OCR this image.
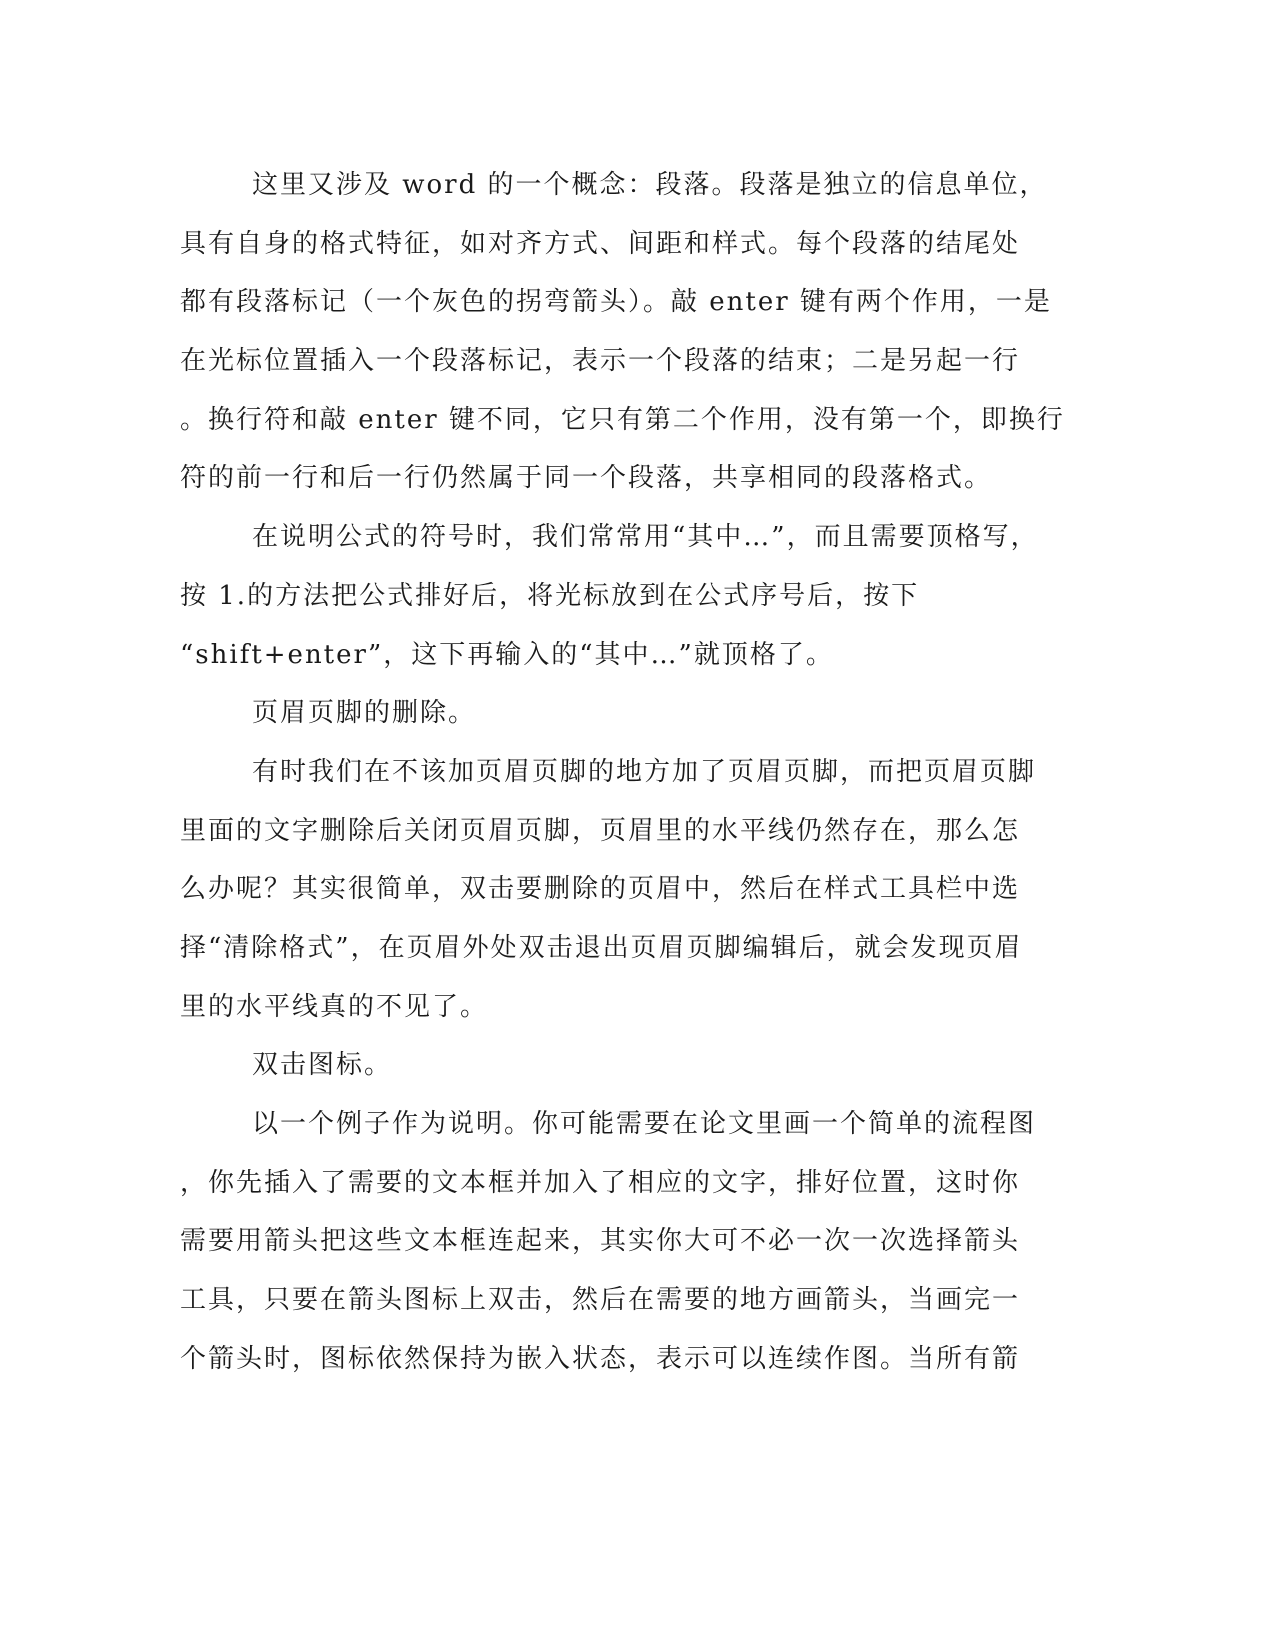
这里又涉及 word 的一个概念：段落。段落是独立的信息单位，
具有自身的格式特征，如对齐方式、间距和样式。每个段落的结尾处
都有段落标记（一个灰色的拐弯箭头）。敲 enter 键有两个作用，一是
在光标位置插入一个段落标记，表示一个段落的结束；二是另起一行
。换行符和敲 enter 键不同，它只有第二个作用，没有第一个，即换行
符的前一行和后一行仍然属于同一个段落，共享相同的段落格式。
在说明公式的符号时，我们常常用“其中…”，而且需要顶格写，
按 1.的方法把公式排好后，将光标放到在公式序号后，按下
“shift+enter”，这下再输入的“其中…”就顶格了。
页眉页脚的删除。
有时我们在不该加页眉页脚的地方加了页眉页脚，而把页眉页脚
里面的文字删除后关闭页眉页脚，页眉里的水平线仍然存在，那么怎
么办呢？其实很简单，双击要删除的页眉中，然后在样式工具栏中选
择“清除格式”，在页眉外处双击退出页眉页脚编辑后，就会发现页眉
里的水平线真的不见了。
双击图标。
以一个例子作为说明。你可能需要在论文里画一个简单的流程图
，你先插入了需要的文本框并加入了相应的文字，排好位置，这时你
需要用箭头把这些文本框连起来，其实你大可不必一次一次选择箭头
工具，只要在箭头图标上双击，然后在需要的地方画箭头，当画完一
个箭头时，图标依然保持为嵌入状态，表示可以连续作图。当所有箭
